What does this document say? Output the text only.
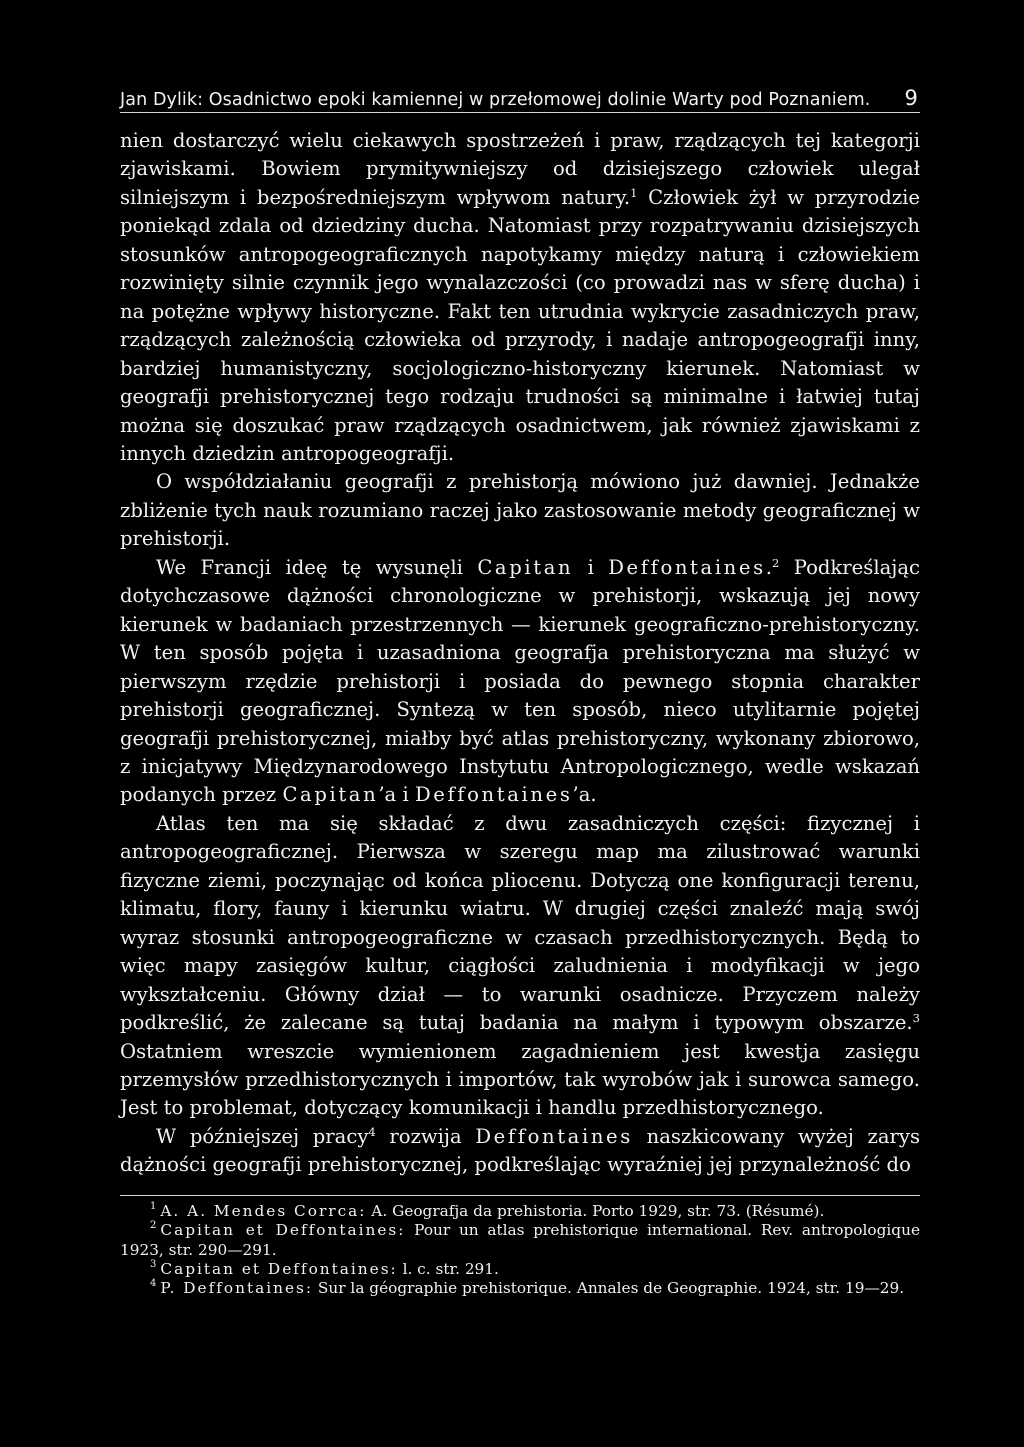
Jan Dylik: Osadnictwo epoki kamiennej w przełomowej dolinie Warty pod Poznaniem. 9

nien dostarczyć wielu ciekawych spostrzeżeń i praw, rządzących tej kategorji zjawiskami. Bowiem prymitywniejszy od dzisiejszego człowiek ulegał silniejszym i bezpośredniejszym wpływom natury.$^1$ Człowiek żył w przyrodzie poniekąd zdala od dziedziny ducha. Natomiast przy rozpatrywaniu dzisiejszych stosunków antropogeograficznych napotykamy między naturą i człowiekiem rozwinięty silnie czynnik jego wynalazczości (co prowadzi nas w sferę ducha) i na potężne wpływy historyczne. Fakt ten utrudnia wykrycie zasadniczych praw, rządzących zależnością człowieka od przyrody, i nadaje antropogeografji inny, bardziej humanistyczny, socjologiczno-historyczny kierunek. Natomiast w geografji prehistorycznej tego rodzaju trudności są minimalne i łatwiej tutaj można się doszukać praw rządzących osadnictwem, jak również zjawiskami z innych dziedzin antropogeografji.

O współdziałaniu geografji z prehistorją mówiono już dawniej. Jednakże zbliżenie tych nauk rozumiano raczej jako zastosowanie metody geograficznej w prehistorji.

We Francji ideę tę wysunęli Capitan i Deffontaines.$^2$ Podkreślając dotychczasowe dążności chronologiczne w prehistorji, wskazują jej nowy kierunek w badaniach przestrzennych — kierunek geograficzno-prehistoryczny. W ten sposób pojęta i uzasadniona geografja prehistoryczna ma służyć w pierwszym rzędzie prehistorji i posiada do pewnego stopnia charakter prehistorji geograficznej. Syntezą w ten sposób, nieco utylitarnie pojętej geografji prehistorycznej, miałby być atlas prehistoryczny, wykonany zbiorowo, z inicjatywy Międzynarodowego Instytutu Antropologicznego, wedle wskazań podanych przez Capitan’a i Deffontaines’a.

Atlas ten ma się składać z dwu zasadniczych części: fizycznej i antropogeograficznej. Pierwsza w szeregu map ma zilustrować warunki fizyczne ziemi, poczynając od końca pliocenu. Dotyczą one konfiguracji terenu, klimatu, flory, fauny i kierunku wiatru. W drugiej części znaleźć mają swój wyraz stosunki antropogeograficzne w czasach przedhistorycznych. Będą to więc mapy zasięgów kultur, ciągłości zaludnienia i modyfikacji w jego wykształceniu. Główny dział — to warunki osadnicze. Przyczem należy podkreślić, że zalecane są tutaj badania na małym i typowym obszarze.$^3$ Ostatniem wreszcie wymienionem zagadnieniem jest kwestja zasięgu przemysłów przedhistorycznych i importów, tak wyrobów jak i surowca samego. Jest to problemat, dotyczący komunikacji i handlu przedhistorycznego.

W późniejszej pracy$^4$ rozwija Deffontaines naszkicowany wyżej zarys dążności geografji prehistorycznej, podkreślając wyraźniej jej przynależność do

$^1$ A. A. Mendes Corrca: A. Geografja da prehistoria. Porto 1929, str. 73. (Résumé).

$^2$ Capitan et Deffontaines: Pour un atlas prehistorique international. Rev. antropologique 1923, str. 290—291.

$^3$ Capitan et Deffontaines: l. c. str. 291.

$^4$ P. Deffontaines: Sur la géographie prehistorique. Annales de Geographie. 1924, str. 19—29.
